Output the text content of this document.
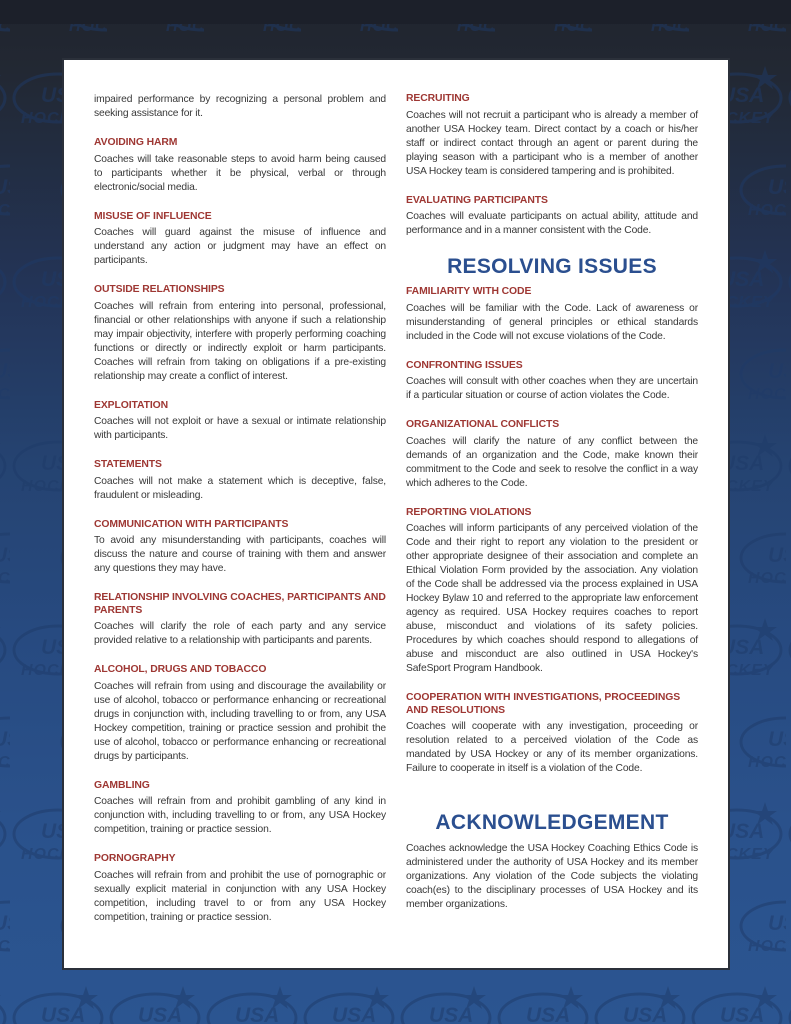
impaired performance by recognizing a personal problem and seeking assistance for it.

AVOIDING HARM

Coaches will take reasonable steps to avoid harm being caused to participants whether it be physical, verbal or through electronic/social media.

MISUSE OF INFLUENCE

Coaches will guard against the misuse of influence and understand any action or judgment may have an effect on participants.

OUTSIDE RELATIONSHIPS

Coaches will refrain from entering into personal, professional, financial or other relationships with anyone if such a relationship may impair objectivity, interfere with properly performing coaching functions or directly or indirectly exploit or harm participants. Coaches will refrain from taking on obligations if a pre-existing relationship may create a conflict of interest.

EXPLOITATION

Coaches will not exploit or have a sexual or intimate relationship with participants.

STATEMENTS

Coaches will not make a statement which is deceptive, false, fraudulent or misleading.

COMMUNICATION WITH PARTICIPANTS

To avoid any misunderstanding with participants, coaches will discuss the nature and course of training with them and answer any questions they may have.

RELATIONSHIP INVOLVING COACHES, PARTICIPANTS AND PARENTS

Coaches will clarify the role of each party and any service provided relative to a relationship with participants and parents.

ALCOHOL, DRUGS AND TOBACCO

Coaches will refrain from using and discourage the availability or use of alcohol, tobacco or performance enhancing or recreational drugs in conjunction with, including travelling to or from, any USA Hockey competition, training or practice session and prohibit the use of alcohol, tobacco or performance enhancing or recreational drugs by participants.

GAMBLING

Coaches will refrain from and prohibit gambling of any kind in conjunction with, including travelling to or from, any USA Hockey competition, training or practice session.

PORNOGRAPHY

Coaches will refrain from and prohibit the use of pornographic or sexually explicit material in conjunction with any USA Hockey competition, including travel to or from any USA Hockey competition, training or practice session.

RECRUITING

Coaches will not recruit a participant who is already a member of another USA Hockey team. Direct contact by a coach or his/her staff or indirect contact through an agent or parent during the playing season with a participant who is a member of another USA Hockey team is considered tampering and is prohibited.

EVALUATING PARTICIPANTS

Coaches will evaluate participants on actual ability, attitude and performance and in a manner consistent with the Code.

RESOLVING ISSUES
FAMILIARITY WITH CODE

Coaches will be familiar with the Code. Lack of awareness or misunderstanding of general principles or ethical standards included in the Code will not excuse violations of the Code.

CONFRONTING ISSUES

Coaches will consult with other coaches when they are uncertain if a particular situation or course of action violates the Code.

ORGANIZATIONAL CONFLICTS

Coaches will clarify the nature of any conflict between the demands of an organization and the Code, make known their commitment to the Code and seek to resolve the conflict in a way which adheres to the Code.

REPORTING VIOLATIONS

Coaches will inform participants of any perceived violation of the Code and their right to report any violation to the president or other appropriate designee of their association and complete an Ethical Violation Form provided by the association. Any violation of the Code shall be addressed via the process explained in USA Hockey Bylaw 10 and referred to the appropriate law enforcement agency as required. USA Hockey requires coaches to report abuse, misconduct and violations of its safety policies. Procedures by which coaches should respond to allegations of abuse and misconduct are also outlined in USA Hockey's SafeSport Program Handbook.

COOPERATION WITH INVESTIGATIONS, PROCEEDINGS AND RESOLUTIONS

Coaches will cooperate with any investigation, proceeding or resolution related to a perceived violation of the Code as mandated by USA Hockey or any of its member organizations. Failure to cooperate in itself is a violation of the Code.

ACKNOWLEDGEMENT

Coaches acknowledge the USA Hockey Coaching Ethics Code is administered under the authority of USA Hockey and its member organizations. Any violation of the Code subjects the violating coach(es) to the disciplinary processes of USA Hockey and its member organizations.
